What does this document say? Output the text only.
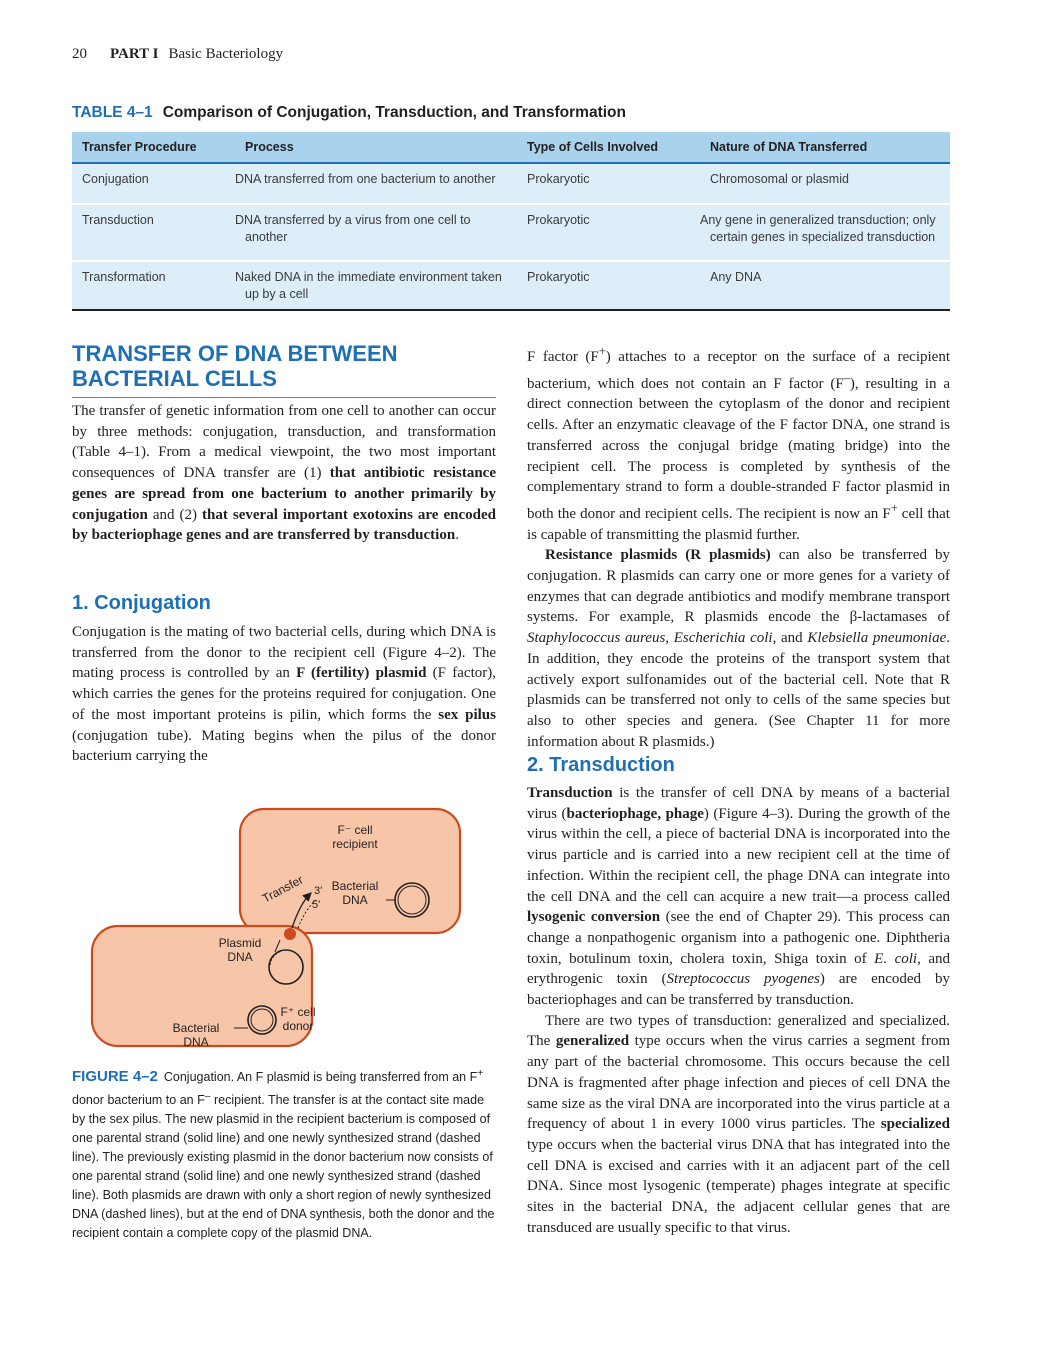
20 PART I Basic Bacteriology
TABLE 4–1 Comparison of Conjugation, Transduction, and Transformation
Transfer Procedure	Process	Type of Cells Involved	Nature of DNA Transferred
Conjugation	DNA transferred from one bacterium to another	Prokaryotic	Chromosomal or plasmid
Transduction	DNA transferred by a virus from one cell to another	Prokaryotic	Any gene in generalized transduction; only certain genes in specialized transduction
Transformation	Naked DNA in the immediate environment taken up by a cell	Prokaryotic	Any DNA
TRANSFER OF DNA BETWEEN
BACTERIAL CELLS

The transfer of genetic information from one cell to another can occur by three methods: conjugation, transduction, and transformation (Table 4–1). From a medical viewpoint, the two most important consequences of DNA transfer are (1) that antibiotic resistance genes are spread from one bacterium to another primarily by conjugation and (2) that several important exotoxins are encoded by bacteriophage genes and are transferred by transduction.

1. Conjugation

Conjugation is the mating of two bacterial cells, during which DNA is transferred from the donor to the recipient cell (Figure 4–2). The mating process is controlled by an F (fertility) plasmid (F factor), which carries the genes for the proteins required for conjugation. One of the most important proteins is pilin, which forms the sex pilus (conjugation tube). Mating begins when the pilus of the donor bacterium carrying the

F⁻ cell
recipient
Bacterial
DNA
Transfer 3'
5'
Plasmid
DNA
F⁺ cell
donor
Bacterial
DNA
FIGURE 4–2 Conjugation. An F plasmid is being transferred from an F+ donor bacterium to an F– recipient. The transfer is at the contact site made by the sex pilus. The new plasmid in the recipient bacterium is composed of one parental strand (solid line) and one newly synthesized strand (dashed line). The previously existing plasmid in the donor bacterium now consists of one parental strand (solid line) and one newly synthesized strand (dashed line). Both plasmids are drawn with only a short region of newly synthesized DNA (dashed lines), but at the end of DNA synthesis, both the donor and the recipient contain a complete copy of the plasmid DNA.

F factor (F+) attaches to a receptor on the surface of a recipient bacterium, which does not contain an F factor (F–), resulting in a direct connection between the cytoplasm of the donor and recipient cells. After an enzymatic cleavage of the F factor DNA, one strand is transferred across the conjugal bridge (mating bridge) into the recipient cell. The process is completed by synthesis of the complementary strand to form a double-stranded F factor plasmid in both the donor and recipient cells. The recipient is now an F+ cell that is capable of transmitting the plasmid further.

Resistance plasmids (R plasmids) can also be transferred by conjugation. R plasmids can carry one or more genes for a variety of enzymes that can degrade antibiotics and modify membrane transport systems. For example, R plasmids encode the β-lactamases of Staphylococcus aureus, Escherichia coli, and Klebsiella pneumoniae. In addition, they encode the proteins of the transport system that actively export sulfonamides out of the bacterial cell. Note that R plasmids can be transferred not only to cells of the same species but also to other species and genera. (See Chapter 11 for more information about R plasmids.)

2. Transduction

Transduction is the transfer of cell DNA by means of a bacterial virus (bacteriophage, phage) (Figure 4–3). During the growth of the virus within the cell, a piece of bacterial DNA is incorporated into the virus particle and is carried into a new recipient cell at the time of infection. Within the recipient cell, the phage DNA can integrate into the cell DNA and the cell can acquire a new trait—a process called lysogenic conversion (see the end of Chapter 29). This process can change a nonpathogenic organism into a pathogenic one. Diphtheria toxin, botulinum toxin, cholera toxin, Shiga toxin of E. coli, and erythrogenic toxin (Streptococcus pyogenes) are encoded by bacteriophages and can be transferred by transduction.

There are two types of transduction: generalized and specialized. The generalized type occurs when the virus carries a segment from any part of the bacterial chromosome. This occurs because the cell DNA is fragmented after phage infection and pieces of cell DNA the same size as the viral DNA are incorporated into the virus particle at a frequency of about 1 in every 1000 virus particles. The specialized type occurs when the bacterial virus DNA that has integrated into the cell DNA is excised and carries with it an adjacent part of the cell DNA. Since most lysogenic (temperate) phages integrate at specific sites in the bacterial DNA, the adjacent cellular genes that are transduced are usually specific to that virus.
